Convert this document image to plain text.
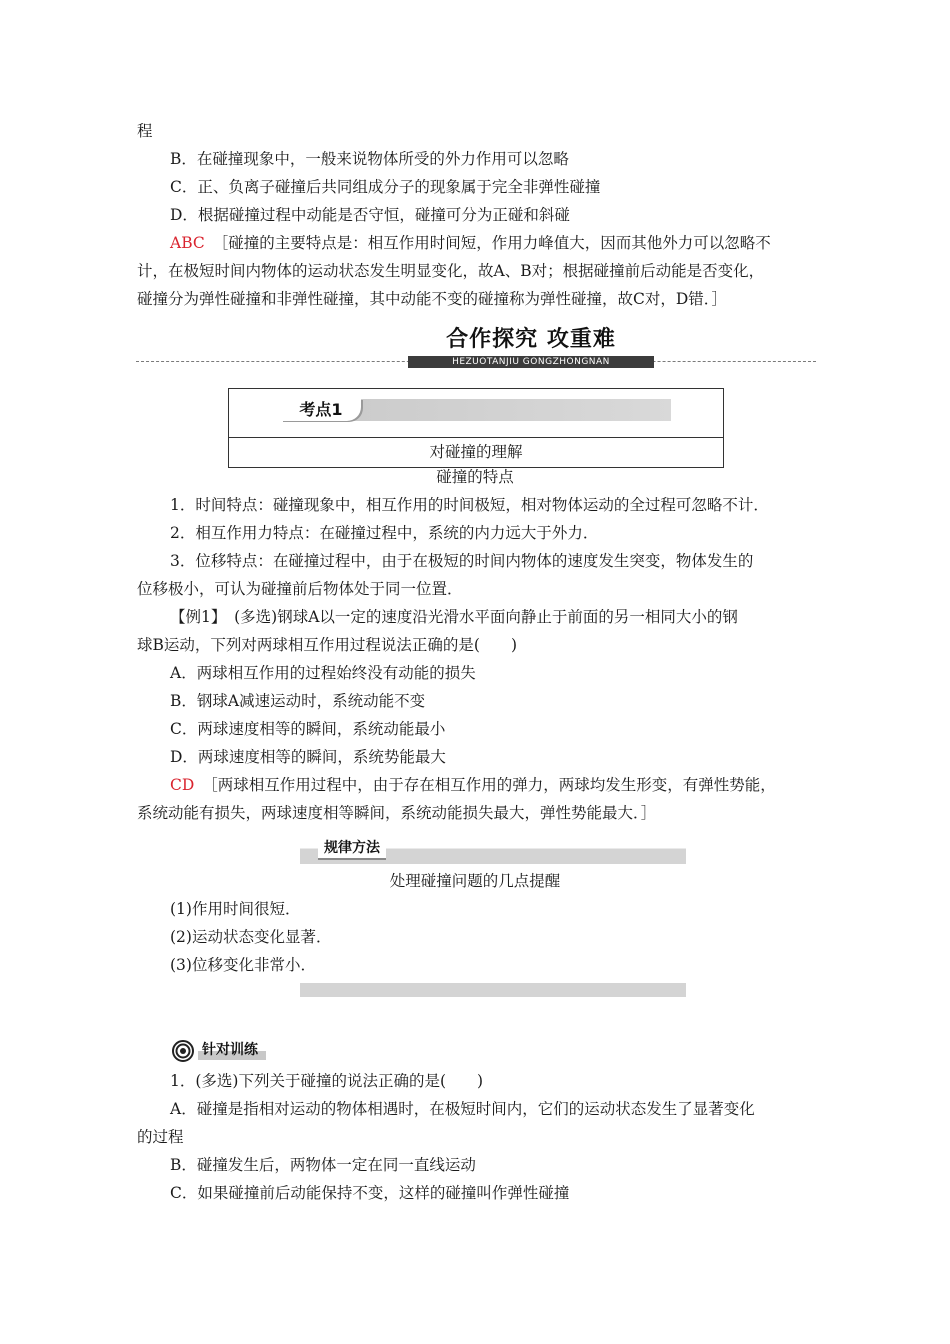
程
B．在碰撞现象中，一般来说物体所受的外力作用可以忽略
C．正、负离子碰撞后共同组成分子的现象属于完全非弹性碰撞
D．根据碰撞过程中动能是否守恒，碰撞可分为正碰和斜碰
ABC ［碰撞的主要特点是：相互作用时间短，作用力峰值大，因而其他外力可以忽略不
计，在极短时间内物体的运动状态发生明显变化，故A、B对；根据碰撞前后动能是否变化，
碰撞分为弹性碰撞和非弹性碰撞，其中动能不变的碰撞称为弹性碰撞，故C对，D错．］
合作探究 攻重难
HEZUOTANJIU GONGZHONGNAN
考点1
对碰撞的理解
碰撞的特点
1．时间特点：碰撞现象中，相互作用的时间极短，相对物体运动的全过程可忽略不计．
2．相互作用力特点：在碰撞过程中，系统的内力远大于外力．
3．位移特点：在碰撞过程中，由于在极短的时间内物体的速度发生突变，物体发生的
位移极小，可认为碰撞前后物体处于同一位置．
【例1】　(多选)钢球A以一定的速度沿光滑水平面向静止于前面的另一相同大小的钢
球B运动，下列对两球相互作用过程说法正确的是(　　)
A．两球相互作用的过程始终没有动能的损失
B．钢球A减速运动时，系统动能不变
C．两球速度相等的瞬间，系统动能最小
D．两球速度相等的瞬间，系统势能最大
CD ［两球相互作用过程中，由于存在相互作用的弹力，两球均发生形变，有弹性势能，
系统动能有损失，两球速度相等瞬间，系统动能损失最大，弹性势能最大．］
规律方法
处理碰撞问题的几点提醒
(1)作用时间很短．
(2)运动状态变化显著．
(3)位移变化非常小．
针对训练
1．(多选)下列关于碰撞的说法正确的是(　　)
A．碰撞是指相对运动的物体相遇时，在极短时间内，它们的运动状态发生了显著变化
的过程
B．碰撞发生后，两物体一定在同一直线运动
C．如果碰撞前后动能保持不变，这样的碰撞叫作弹性碰撞
